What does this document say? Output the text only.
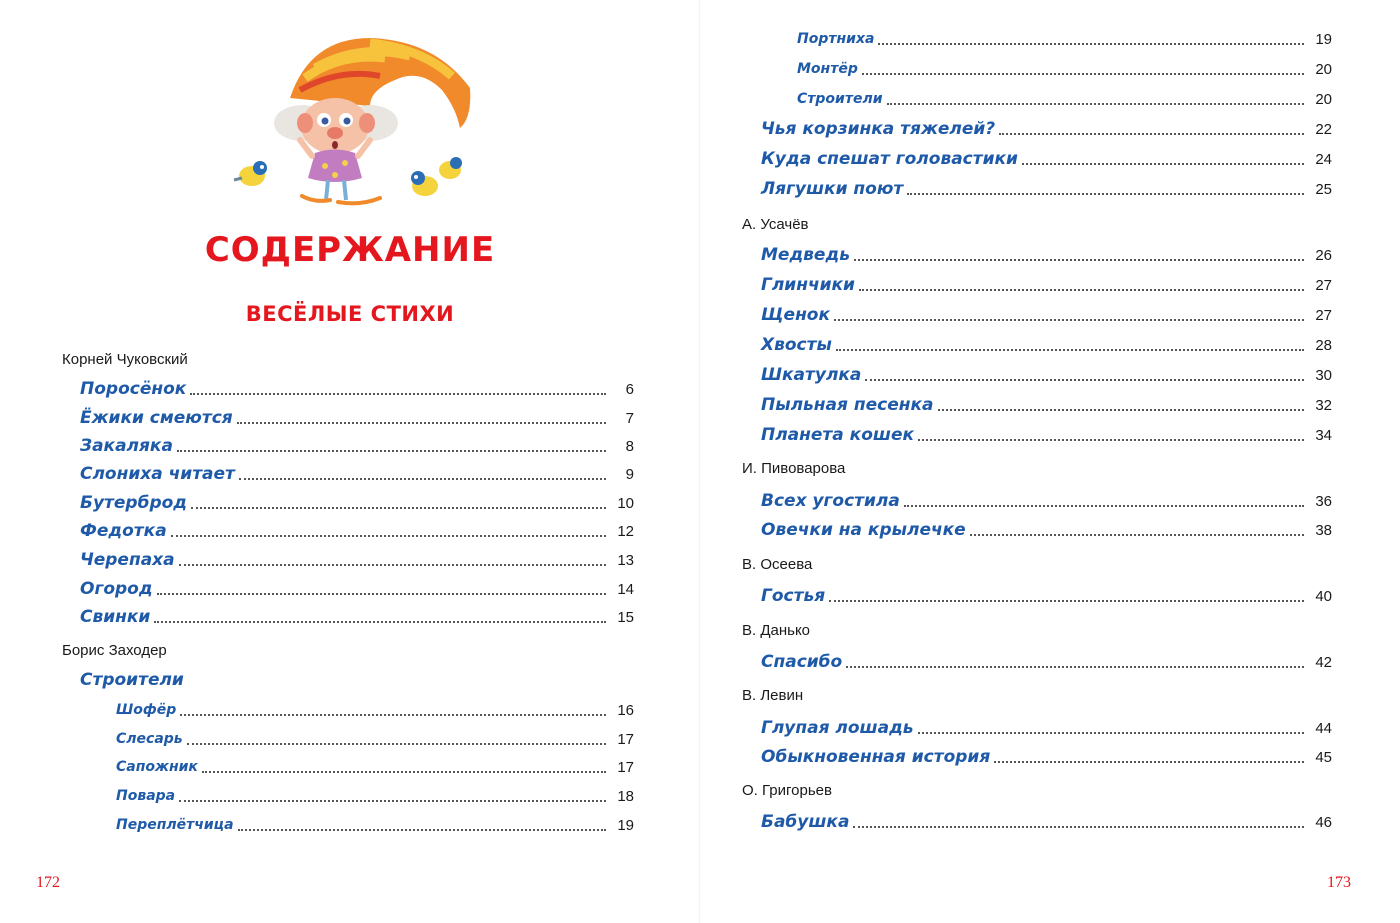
СОДЕРЖАНИЕ
ВЕСЁЛЫЕ СТИХИ
Корней Чуковский
Поросёнок	6
Ёжики смеются	7
Закаляка	8
Слониха читает	9
Бутерброд	10
Федотка	12
Черепаха	13
Огород	14
Свинки	15
Борис Заходер
Строители
Шофёр	16
Слесарь	17
Сапожник	17
Повара	18
Переплётчица	19
172
Портниха	19
Монтёр	20
Строители	20
Чья корзинка тяжелей?	22
Куда спешат головастики	24
Лягушки поют	25
А. Усачёв
Медведь	26
Глинчики	27
Щенок	27
Хвосты	28
Шкатулка	30
Пыльная песенка	32
Планета кошек	34
И. Пивоварова
Всех угостила	36
Овечки на крылечке	38
В. Осеева
Гостья	40
В. Данько
Спасибо	42
В. Левин
Глупая лошадь	44
Обыкновенная история	45
О. Григорьев
Бабушка	46
173
